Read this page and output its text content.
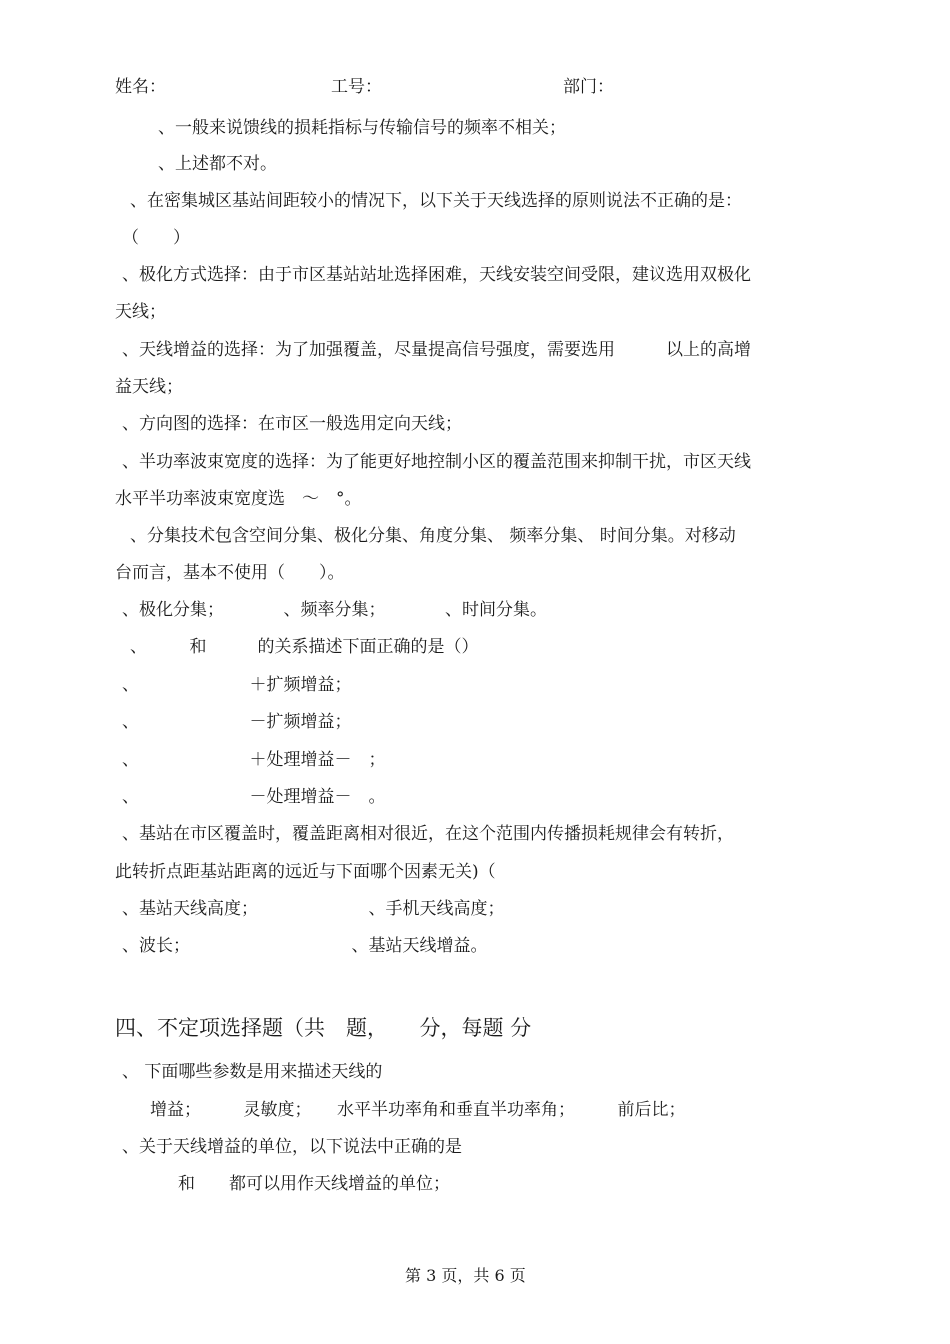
姓名：	工号：	部门：
、一般来说馈线的损耗指标与传输信号的频率不相关；
、上述都不对。
、在密集城区基站间距较小的情况下，以下关于天线选择的原则说法不正确的是：
（　　）
、极化方式选择：由于市区基站站址选择困难，天线安装空间受限，建议选用双极化
天线；
、天线增益的选择：为了加强覆盖，尽量提高信号强度，需要选用　　　以上的高增
益天线；
、方向图的选择：在市区一般选用定向天线；
、半功率波束宽度的选择：为了能更好地控制小区的覆盖范围来抑制干扰，市区天线
水平半功率波束宽度选　～　°。
、分集技术包含空间分集、极化分集、角度分集、 频率分集、 时间分集。对移动
台而言，基本不使用（　　）。
、极化分集；　　　　、频率分集；　　　　、时间分集。
、　　　和　　　的关系描述下面正确的是（）
、　　　　　　　＋扩频增益；
、　　　　　　　－扩频增益；
、　　　　　　　＋处理增益－　；
、　　　　　　　－处理增益－　。
、基站在市区覆盖时，覆盖距离相对很近，在这个范围内传播损耗规律会有转折，
此转折点距基站距离的远近与下面哪个因素无关)（
、基站天线高度；　　　　　　　、手机天线高度；
、波长；　　　　　　　　　　、基站天线增益。
四、不定项选择题（共　题，　　分，每题 分
、 下面哪些参数是用来描述天线的
增益；　　　灵敏度；　　水平半功率角和垂直半功率角；　　　前后比；
、关于天线增益的单位，以下说法中正确的是
和　　都可以用作天线增益的单位；
第 3 页，共 6 页
